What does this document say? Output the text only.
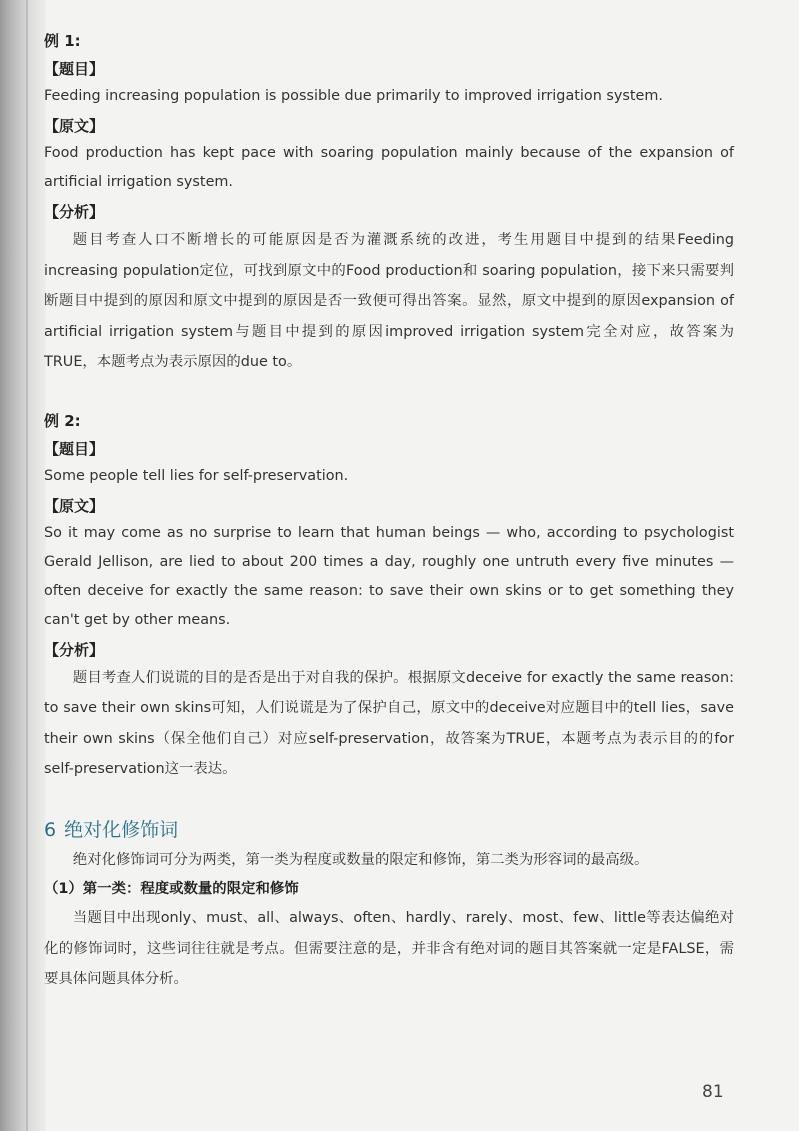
例 1:
【题目】
Feeding increasing population is possible due primarily to improved irrigation system.
【原文】
Food production has kept pace with soaring population mainly because of the expansion of artificial irrigation system.
【分析】
题目考查人口不断增长的可能原因是否为灌溉系统的改进，考生用题目中提到的结果Feeding increasing population定位，可找到原文中的Food production和 soaring population，接下来只需要判断题目中提到的原因和原文中提到的原因是否一致便可得出答案。显然，原文中提到的原因expansion of artificial irrigation system与题目中提到的原因improved irrigation system完全对应，故答案为TRUE，本题考点为表示原因的due to。
例 2:
【题目】
Some people tell lies for self-preservation.
【原文】
So it may come as no surprise to learn that human beings — who, according to psychologist Gerald Jellison, are lied to about 200 times a day, roughly one untruth every five minutes — often deceive for exactly the same reason: to save their own skins or to get something they can't get by other means.
【分析】
题目考查人们说谎的目的是否是出于对自我的保护。根据原文deceive for exactly the same reason: to save their own skins可知，人们说谎是为了保护自己，原文中的deceive对应题目中的tell lies，save their own skins（保全他们自己）对应self-preservation，故答案为TRUE，本题考点为表示目的的for self-preservation这一表达。
6 绝对化修饰词
绝对化修饰词可分为两类，第一类为程度或数量的限定和修饰，第二类为形容词的最高级。
（1）第一类：程度或数量的限定和修饰
当题目中出现only、must、all、always、often、hardly、rarely、most、few、little等表达偏绝对化的修饰词时，这些词往往就是考点。但需要注意的是，并非含有绝对词的题目其答案就一定是FALSE，需要具体问题具体分析。
81
